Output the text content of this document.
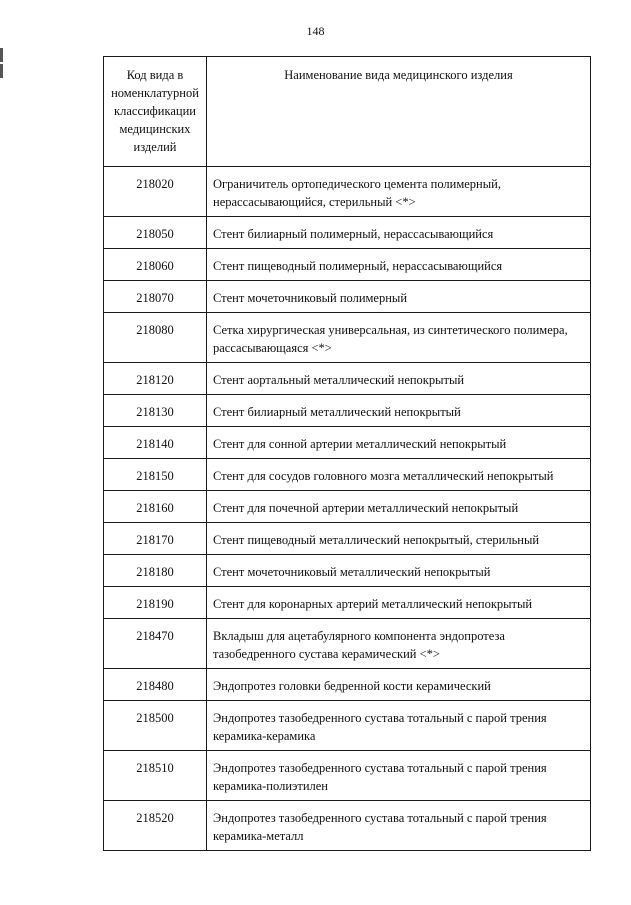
148
Код вида в номенклатурной классификации медицинских изделий	Наименование вида медицинского изделия
218020	Ограничитель ортопедического цемента полимерный, нерассасывающийся, стерильный <*>
218050	Стент билиарный полимерный, нерассасывающийся
218060	Стент пищеводный полимерный, нерассасывающийся
218070	Стент мочеточниковый полимерный
218080	Сетка хирургическая универсальная, из синтетического полимера, рассасывающаяся <*>
218120	Стент аортальный металлический непокрытый
218130	Стент билиарный металлический непокрытый
218140	Стент для сонной артерии металлический непокрытый
218150	Стент для сосудов головного мозга металлический непокрытый
218160	Стент для почечной артерии металлический непокрытый
218170	Стент пищеводный металлический непокрытый, стерильный
218180	Стент мочеточниковый металлический непокрытый
218190	Стент для коронарных артерий металлический непокрытый
218470	Вкладыш для ацетабулярного компонента эндопротеза тазобедренного сустава керамический <*>
218480	Эндопротез головки бедренной кости керамический
218500	Эндопротез тазобедренного сустава тотальный с парой трения керамика-керамика
218510	Эндопротез тазобедренного сустава тотальный с парой трения керамика-полиэтилен
218520	Эндопротез тазобедренного сустава тотальный с парой трения керамика-металл
